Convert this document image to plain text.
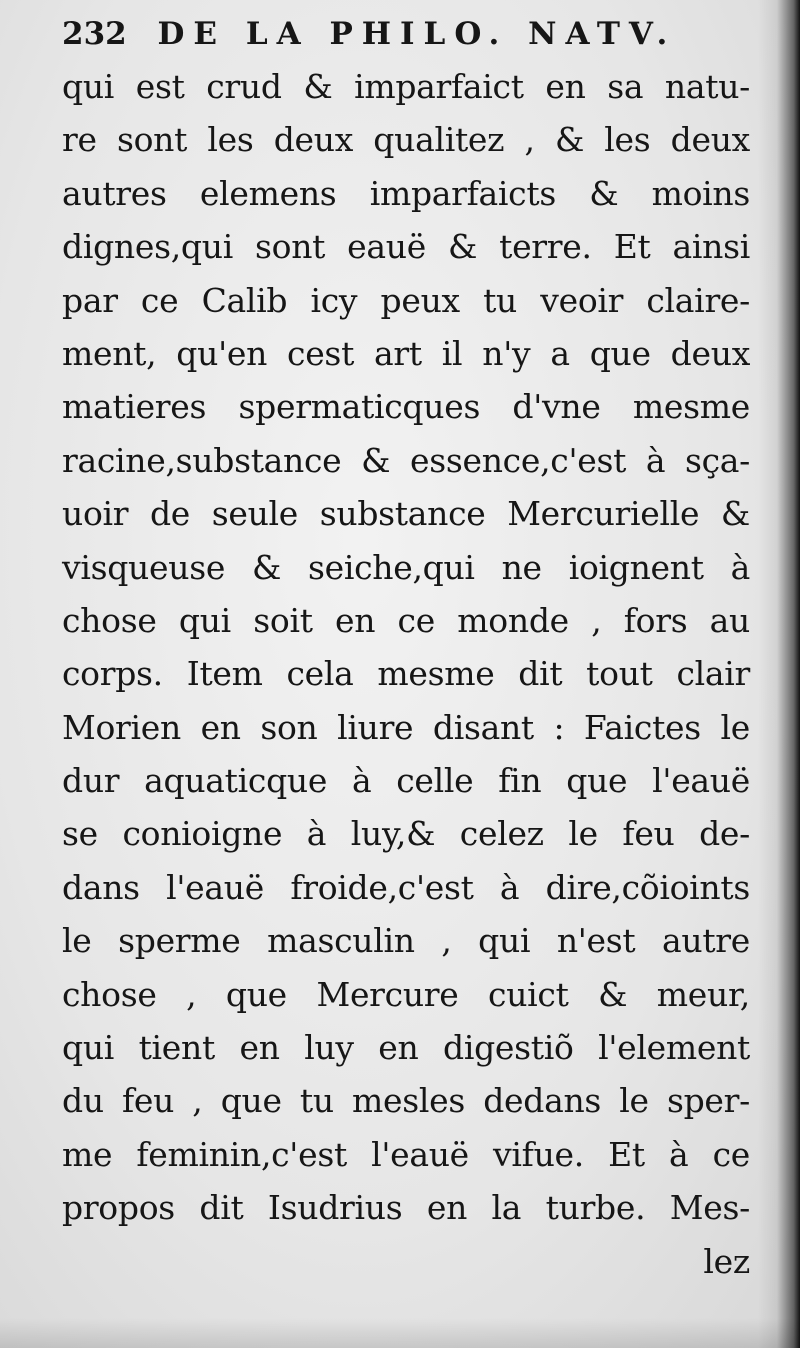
232 DE LA PHILO. NATV.
qui est crud & imparfaict en sa natu-
re sont les deux qualitez , & les deux
autres elemens imparfaicts & moins
dignes,qui sont eauë & terre. Et ainsi
par ce Calib icy peux tu veoir claire-
ment, qu'en cest art il n'y a que deux
matieres spermaticques d'vne mesme
racine,substance & essence,c'est à sça-
uoir de seule substance Mercurielle &
visqueuse & seiche,qui ne ioignent à
chose qui soit en ce monde , fors au
corps. Item cela mesme dit tout clair
Morien en son liure disant : Faictes le
dur aquaticque à celle fin que l'eauë
se conioigne à luy,& celez le feu de-
dans l'eauë froide,c'est à dire,cõioints
le sperme masculin , qui n'est autre
chose , que Mercure cuict & meur,
qui tient en luy en digestiõ l'element
du feu , que tu mesles dedans le sper-
me feminin,c'est l'eauë vifue. Et à ce
propos dit Isudrius en la turbe. Mes-
lez
